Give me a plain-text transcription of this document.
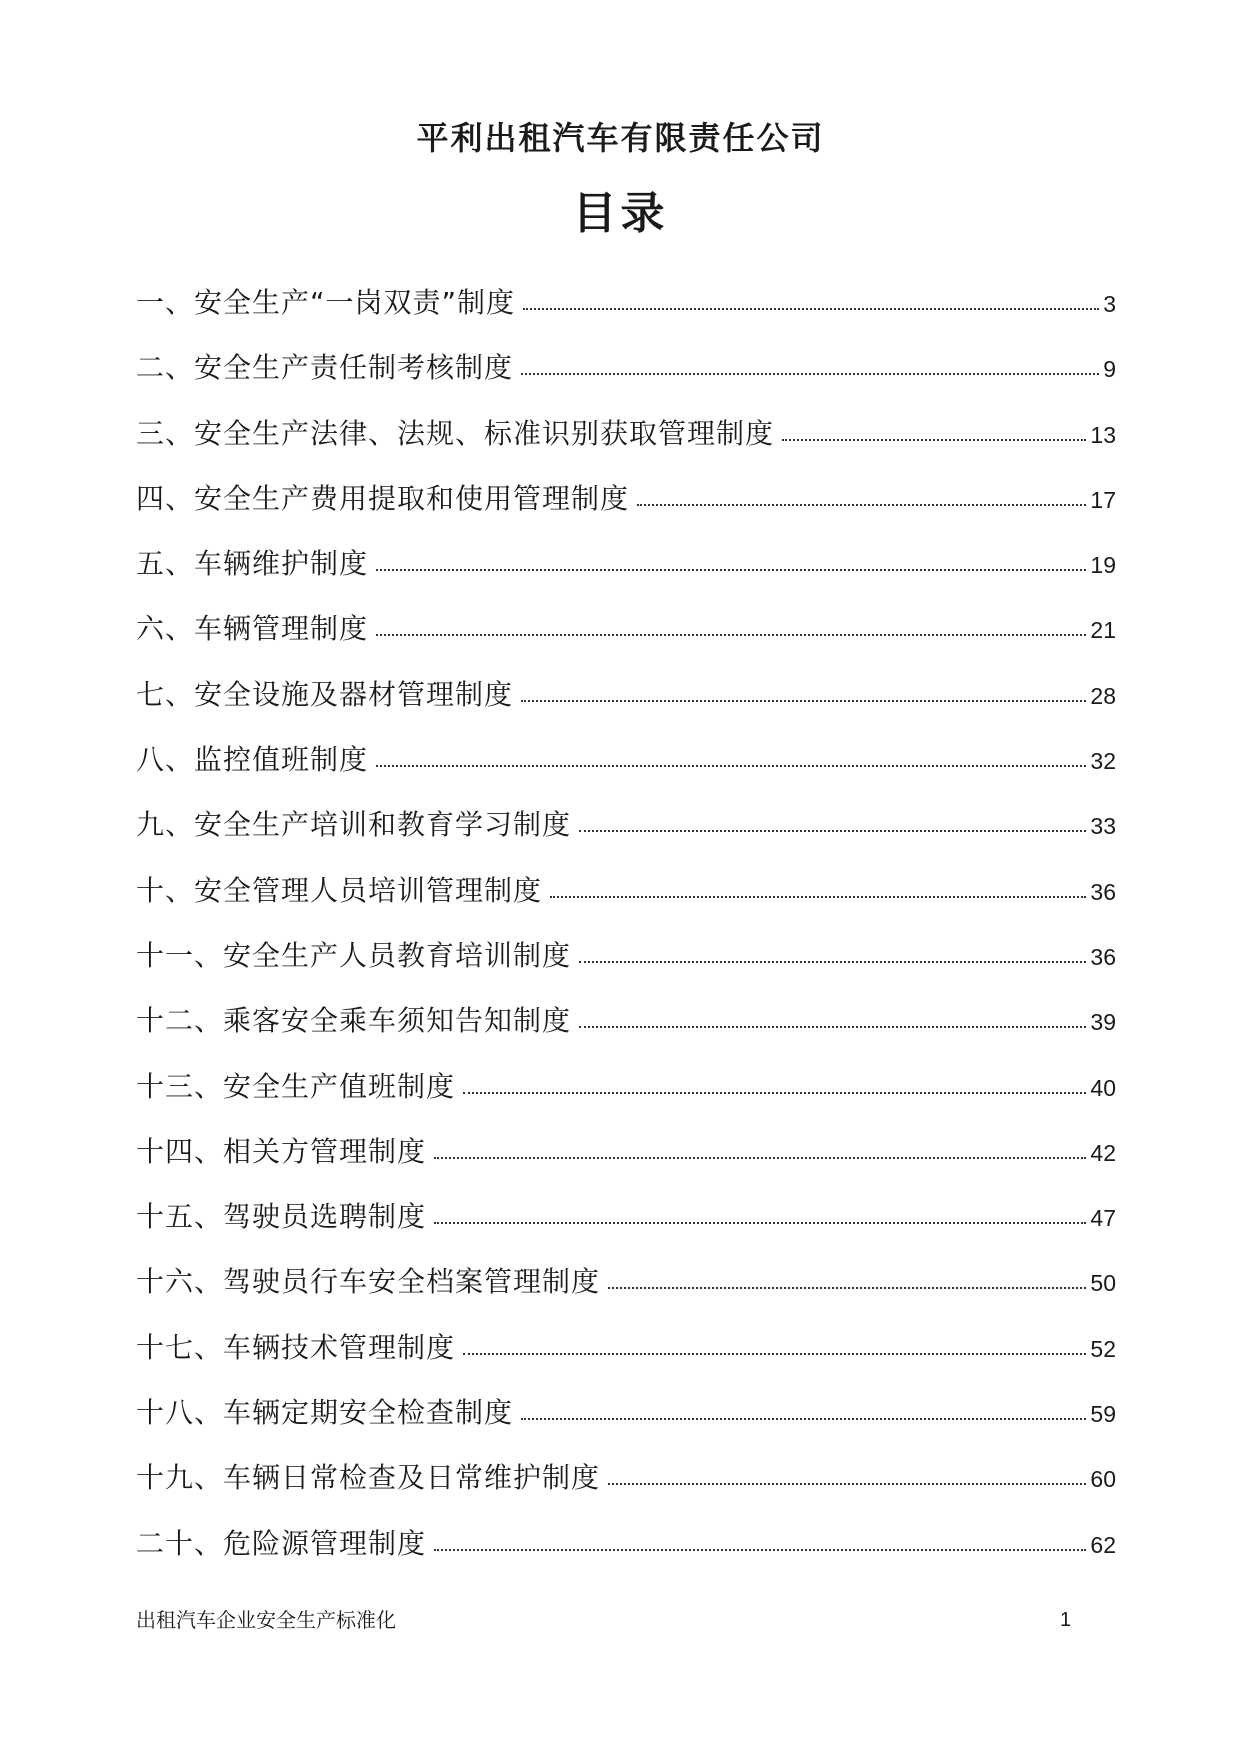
平利出租汽车有限责任公司
目录
一、安全生产“一岗双责”制度	3
二、安全生产责任制考核制度	9
三、安全生产法律、法规、标准识别获取管理制度	13
四、安全生产费用提取和使用管理制度	17
五、车辆维护制度	19
六、车辆管理制度	21
七、安全设施及器材管理制度	28
八、监控值班制度	32
九、安全生产培训和教育学习制度	33
十、安全管理人员培训管理制度	36
十一、安全生产人员教育培训制度	36
十二、乘客安全乘车须知告知制度	39
十三、安全生产值班制度	40
十四、相关方管理制度	42
十五、驾驶员选聘制度	47
十六、驾驶员行车安全档案管理制度	50
十七、车辆技术管理制度	52
十八、车辆定期安全检查制度	59
十九、车辆日常检查及日常维护制度	60
二十、危险源管理制度	62
出租汽车企业安全生产标准化	1
